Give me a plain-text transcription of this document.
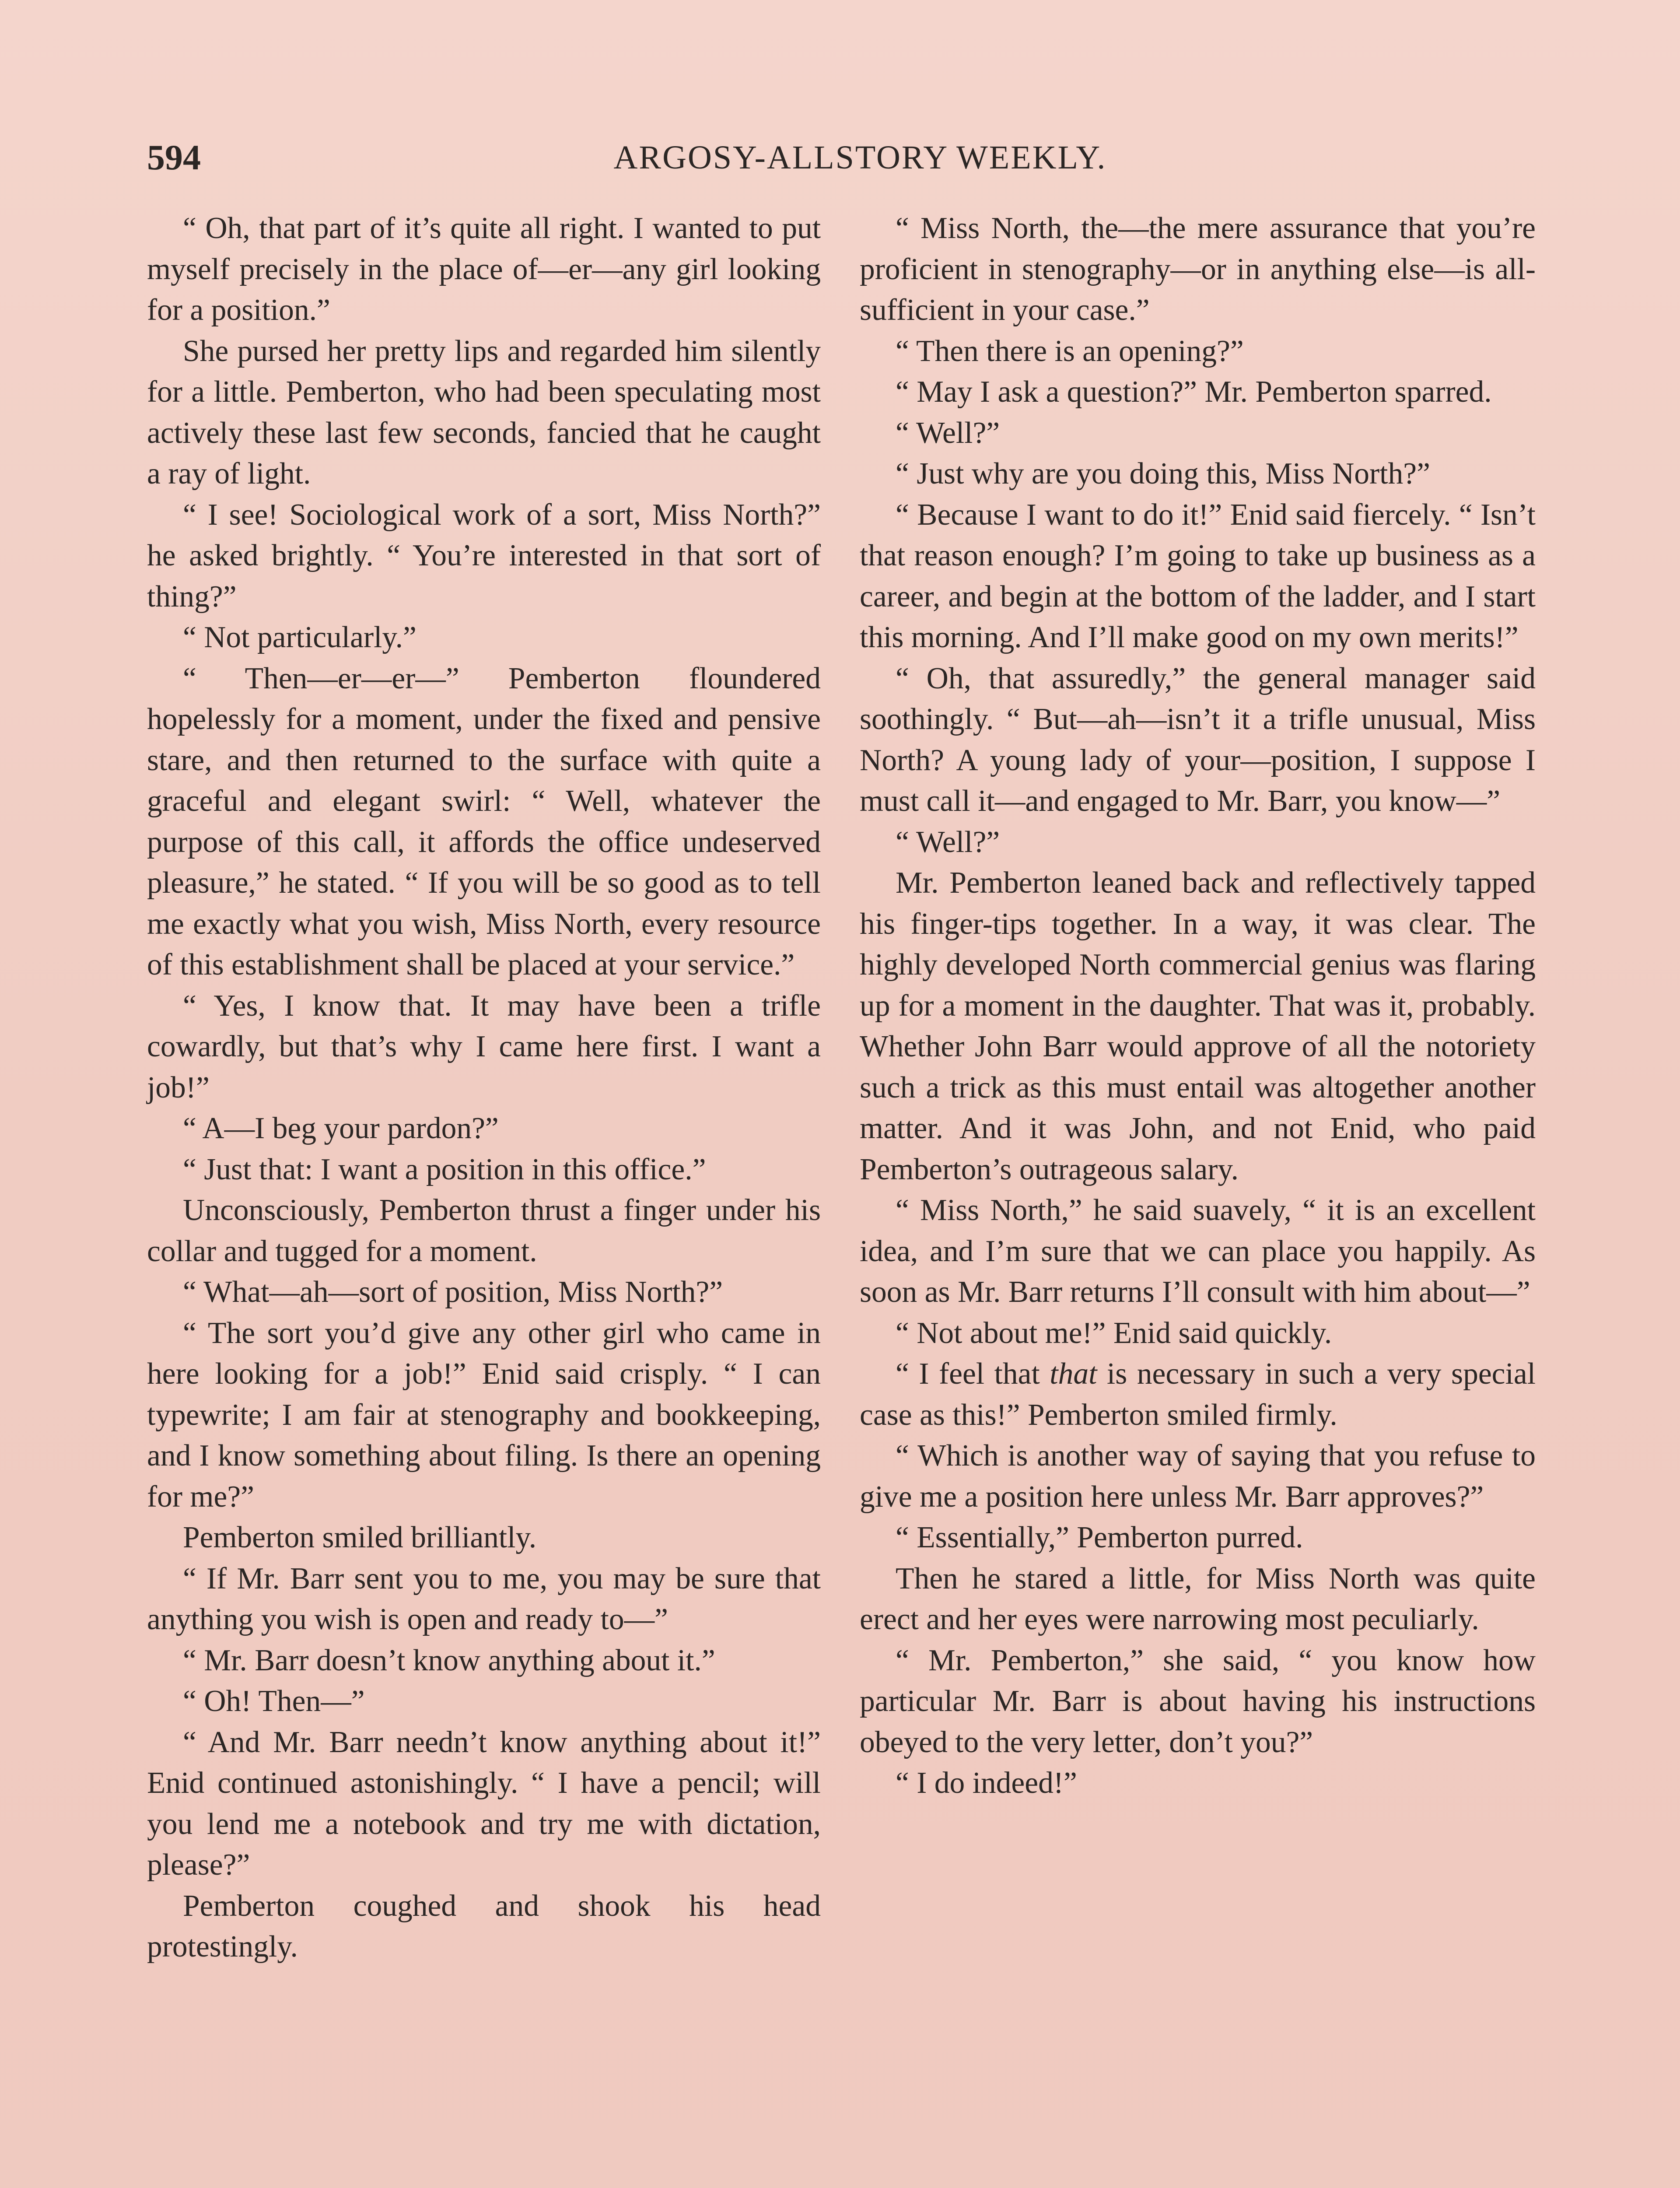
594	ARGOSY-ALLSTORY WEEKLY.

“ Oh, that part of it’s quite all right. I wanted to put myself precisely in the place of—er—any girl looking for a position.”

She pursed her pretty lips and regarded him silently for a little. Pemberton, who had been speculating most actively these last few seconds, fancied that he caught a ray of light.

“ I see! Sociological work of a sort, Miss North?” he asked brightly. “ You’re interested in that sort of thing?”

“ Not particularly.”

“ Then—er—er—” Pemberton floundered hopelessly for a moment, under the fixed and pensive stare, and then returned to the surface with quite a graceful and elegant swirl: “ Well, whatever the purpose of this call, it affords the office undeserved pleasure,” he stated. “ If you will be so good as to tell me exactly what you wish, Miss North, every resource of this establishment shall be placed at your service.”

“ Yes, I know that. It may have been a trifle cowardly, but that’s why I came here first. I want a job!”

“ A—I beg your pardon?”

“ Just that: I want a position in this office.”

Unconsciously, Pemberton thrust a finger under his collar and tugged for a moment.

“ What—ah—sort of position, Miss North?”

“ The sort you’d give any other girl who came in here looking for a job!” Enid said crisply. “ I can typewrite; I am fair at stenography and bookkeeping, and I know something about filing. Is there an opening for me?”

Pemberton smiled brilliantly.

“ If Mr. Barr sent you to me, you may be sure that anything you wish is open and ready to—”

“ Mr. Barr doesn’t know anything about it.”

“ Oh! Then—”

“ And Mr. Barr needn’t know anything about it!” Enid continued astonishingly. “ I have a pencil; will you lend me a notebook and try me with dictation, please?”

Pemberton coughed and shook his head protestingly.

“ Miss North, the—the mere assurance that you’re proficient in stenography—or in anything else—is all-sufficient in your case.”

“ Then there is an opening?”

“ May I ask a question?” Mr. Pemberton sparred.

“ Well?”

“ Just why are you doing this, Miss North?”

“ Because I want to do it!” Enid said fiercely. “ Isn’t that reason enough? I’m going to take up business as a career, and begin at the bottom of the ladder, and I start this morning. And I’ll make good on my own merits!”

“ Oh, that assuredly,” the general manager said soothingly. “ But—ah—isn’t it a trifle unusual, Miss North? A young lady of your—position, I suppose I must call it—and engaged to Mr. Barr, you know—”

“ Well?”

Mr. Pemberton leaned back and reflectively tapped his finger-tips together. In a way, it was clear. The highly developed North commercial genius was flaring up for a moment in the daughter. That was it, probably. Whether John Barr would approve of all the notoriety such a trick as this must entail was altogether another matter. And it was John, and not Enid, who paid Pemberton’s outrageous salary.

“ Miss North,” he said suavely, “ it is an excellent idea, and I’m sure that we can place you happily. As soon as Mr. Barr returns I’ll consult with him about—”

“ Not about me!” Enid said quickly.

“ I feel that that is necessary in such a very special case as this!” Pemberton smiled firmly.

“ Which is another way of saying that you refuse to give me a position here unless Mr. Barr approves?”

“ Essentially,” Pemberton purred.

Then he stared a little, for Miss North was quite erect and her eyes were narrowing most peculiarly.

“ Mr. Pemberton,” she said, “ you know how particular Mr. Barr is about having his instructions obeyed to the very letter, don’t you?”

“ I do indeed!”
